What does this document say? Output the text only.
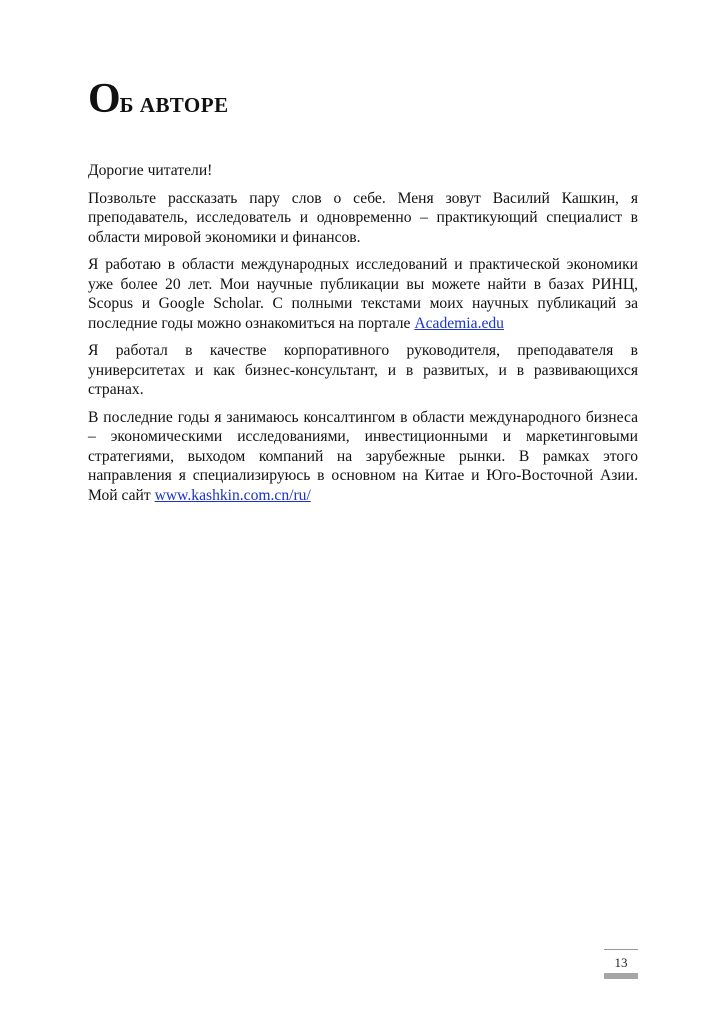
ОБ АВТОРЕ

Дорогие читатели!

Позвольте рассказать пару слов о себе. Меня зовут Василий Кашкин, я преподаватель, исследователь и одновременно – практикующий специалист в области мировой экономики и финансов.

Я работаю в области международных исследований и практической экономики уже более 20 лет. Мои научные публикации вы можете найти в базах РИНЦ, Scopus и Google Scholar. С полными текстами моих научных публикаций за последние годы можно ознакомиться на портале Academia.edu

Я работал в качестве корпоративного руководителя, преподавателя в университетах и как бизнес-консультант, и в развитых, и в развивающихся странах.

В последние годы я занимаюсь консалтингом в области международного бизнеса – экономическими исследованиями, инвестиционными и маркетинговыми стратегиями, выходом компаний на зарубежные рынки. В рамках этого направления я специализируюсь в основном на Китае и Юго-Восточной Азии. Мой сайт www.kashkin.com.cn/ru/

13
